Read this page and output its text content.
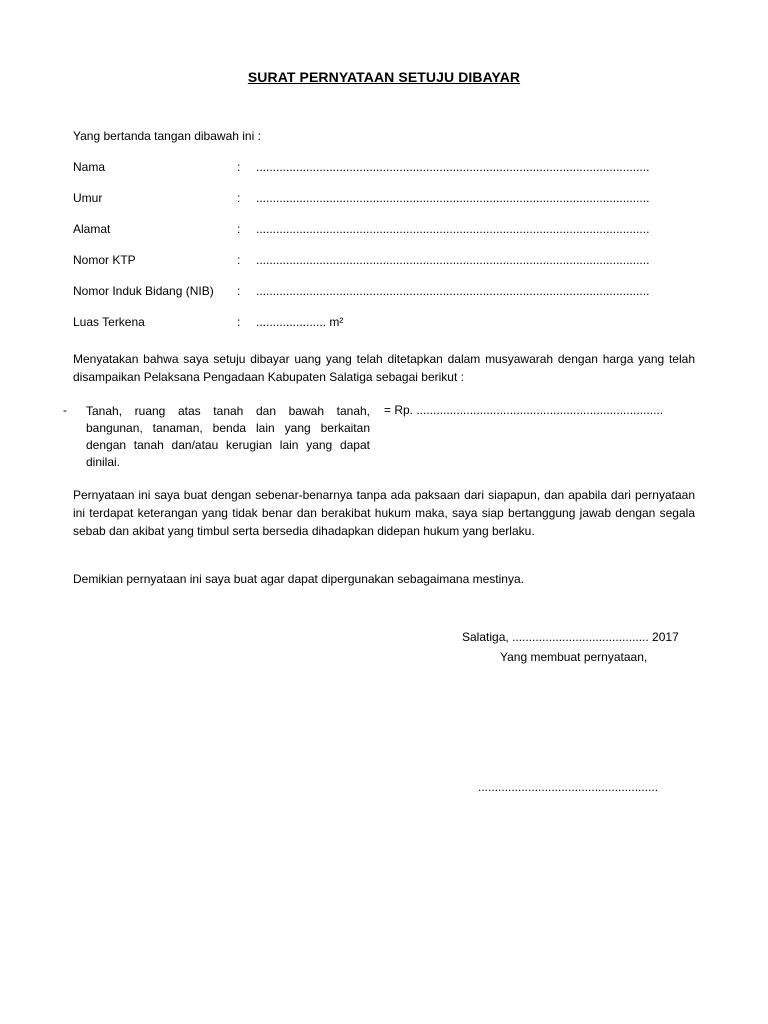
SURAT PERNYATAAN SETUJU DIBAYAR
Yang bertanda tangan dibawah ini :
Nama	: ......................................................................................................................
Umur	: ......................................................................................................................
Alamat	: ......................................................................................................................
Nomor KTP	: ......................................................................................................................
Nomor Induk Bidang (NIB) : ......................................................................................................................
Luas Terkena	: ..................... m²
Menyatakan bahwa saya setuju dibayar uang yang telah ditetapkan dalam musyawarah dengan harga yang telah disampaikan Pelaksana Pengadaan Kabupaten Salatiga sebagai berikut :
- Tanah, ruang atas tanah dan bawah tanah, bangunan, tanaman, benda lain yang berkaitan dengan tanah dan/atau kerugian lain yang dapat dinilai.
= Rp. ..........................................................................
Pernyataan ini saya buat dengan sebenar-benarnya tanpa ada paksaan dari siapapun, dan apabila dari pernyataan ini terdapat keterangan yang tidak benar dan berakibat hukum maka, saya siap bertanggung jawab dengan segala sebab dan akibat yang timbul serta bersedia dihadapkan didepan hukum yang berlaku.
Demikian pernyataan ini saya buat agar dapat dipergunakan sebagaimana mestinya.
Salatiga, ......................................... 2017
Yang membuat pernyataan,
......................................................
